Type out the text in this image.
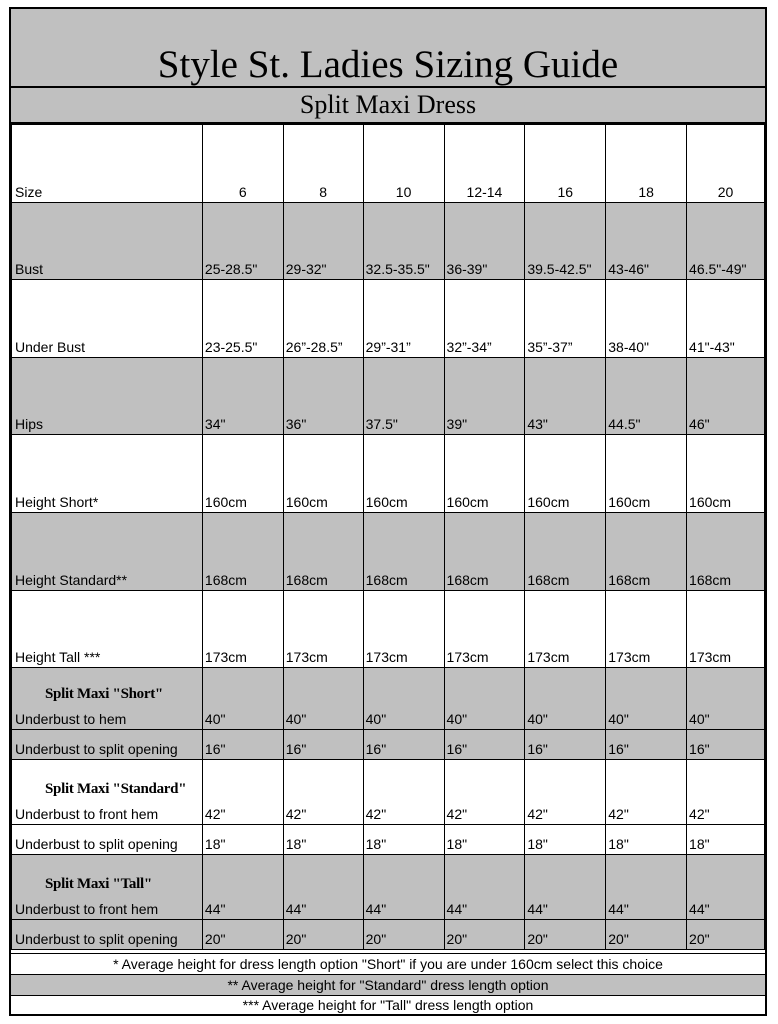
Style St. Ladies Sizing Guide
Split Maxi Dress
Size	6	8	10	12-14	16	18	20
Bust	25-28.5"	29-32"	32.5-35.5"	36-39"	39.5-42.5"	43-46"	46.5"-49"
Under Bust	23-25.5"	26”-28.5”	29”-31”	32”-34”	35”-37”	38-40"	41"-43"
Hips	34"	36"	37.5"	39"	43"	44.5"	46"
Height Short*	160cm	160cm	160cm	160cm	160cm	160cm	160cm
Height Standard**	168cm	168cm	168cm	168cm	168cm	168cm	168cm
Height Tall ***	173cm	173cm	173cm	173cm	173cm	173cm	173cm

Split Maxi "Short"
Underbust to hem	40"	40"	40"	40"	40"	40"	40"
Underbust to split opening	16"	16"	16"	16"	16"	16"	16"

Split Maxi "Standard"
Underbust to front hem	42"	42"	42"	42"	42"	42"	42"
Underbust to split opening	18"	18"	18"	18"	18"	18"	18"

Split Maxi "Tall"
Underbust to front hem	44"	44"	44"	44"	44"	44"	44"
Underbust to split opening	20"	20"	20"	20"	20"	20"	20"
* Average height for dress length option "Short" if you are under 160cm select this choice
** Average height for "Standard" dress length option
*** Average height for "Tall" dress length option
